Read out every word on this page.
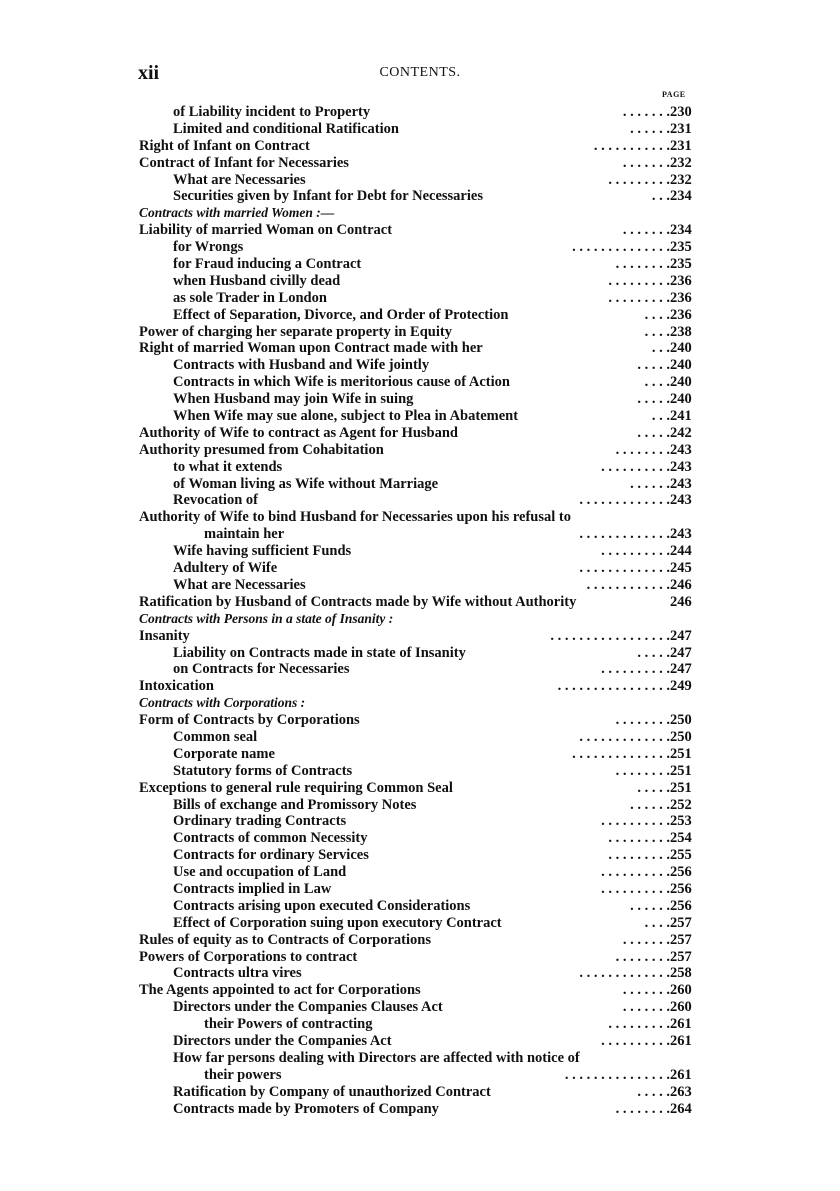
xii	CONTENTS.
PAGE
of Liability incident to Property	. . . . . . . 230
Limited and conditional Ratification	. . . . . . 231
Right of Infant on Contract	. . . . . . . . . . . 231
Contract of Infant for Necessaries	. . . . . . . 232
What are Necessaries	. . . . . . . . . 232
Securities given by Infant for Debt for Necessaries	. . . 234
Contracts with married Women :—
Liability of married Woman on Contract	. . . . . . . 234
for Wrongs	. . . . . . . . . . . . . . 235
for Fraud inducing a Contract	. . . . . . . . 235
when Husband civilly dead	. . . . . . . . . 236
as sole Trader in London	. . . . . . . . . 236
Effect of Separation, Divorce, and Order of Protection	. . . . 236
Power of charging her separate property in Equity	. . . . 238
Right of married Woman upon Contract made with her	. . . 240
Contracts with Husband and Wife jointly	. . . . . 240
Contracts in which Wife is meritorious cause of Action	. . . . 240
When Husband may join Wife in suing	. . . . . 240
When Wife may sue alone, subject to Plea in Abatement	. . . 241
Authority of Wife to contract as Agent for Husband	. . . . . 242
Authority presumed from Cohabitation	. . . . . . . . 243
to what it extends	. . . . . . . . . . 243
of Woman living as Wife without Marriage	. . . . . . 243
Revocation of	. . . . . . . . . . . . . 243
Authority of Wife to bind Husband for Necessaries upon his refusal to
maintain her	. . . . . . . . . . . . . 243
Wife having sufficient Funds	. . . . . . . . . . 244
Adultery of Wife	. . . . . . . . . . . . . 245
What are Necessaries	. . . . . . . . . . . . 246
Ratification by Husband of Contracts made by Wife without Authority	246
Contracts with Persons in a state of Insanity :
Insanity	. . . . . . . . . . . . . . . . . 247
Liability on Contracts made in state of Insanity	. . . . . 247
on Contracts for Necessaries	. . . . . . . . . . 247
Intoxication	. . . . . . . . . . . . . . . . 249
Contracts with Corporations :
Form of Contracts by Corporations	. . . . . . . . 250
Common seal	. . . . . . . . . . . . . 250
Corporate name	. . . . . . . . . . . . . . 251
Statutory forms of Contracts	. . . . . . . . 251
Exceptions to general rule requiring Common Seal	. . . . . 251
Bills of exchange and Promissory Notes	. . . . . . 252
Ordinary trading Contracts	. . . . . . . . . . 253
Contracts of common Necessity	. . . . . . . . . 254
Contracts for ordinary Services	. . . . . . . . . 255
Use and occupation of Land	. . . . . . . . . . 256
Contracts implied in Law	. . . . . . . . . . 256
Contracts arising upon executed Considerations	. . . . . . 256
Effect of Corporation suing upon executory Contract	. . . . 257
Rules of equity as to Contracts of Corporations	. . . . . . . 257
Powers of Corporations to contract	. . . . . . . . 257
Contracts ultra vires	. . . . . . . . . . . . . 258
The Agents appointed to act for Corporations	. . . . . . . 260
Directors under the Companies Clauses Act	. . . . . . . 260
their Powers of contracting	. . . . . . . . . 261
Directors under the Companies Act	. . . . . . . . . . 261
How far persons dealing with Directors are affected with notice of
their powers	. . . . . . . . . . . . . . . 261
Ratification by Company of unauthorized Contract	. . . . . 263
Contracts made by Promoters of Company	. . . . . . . . 264
